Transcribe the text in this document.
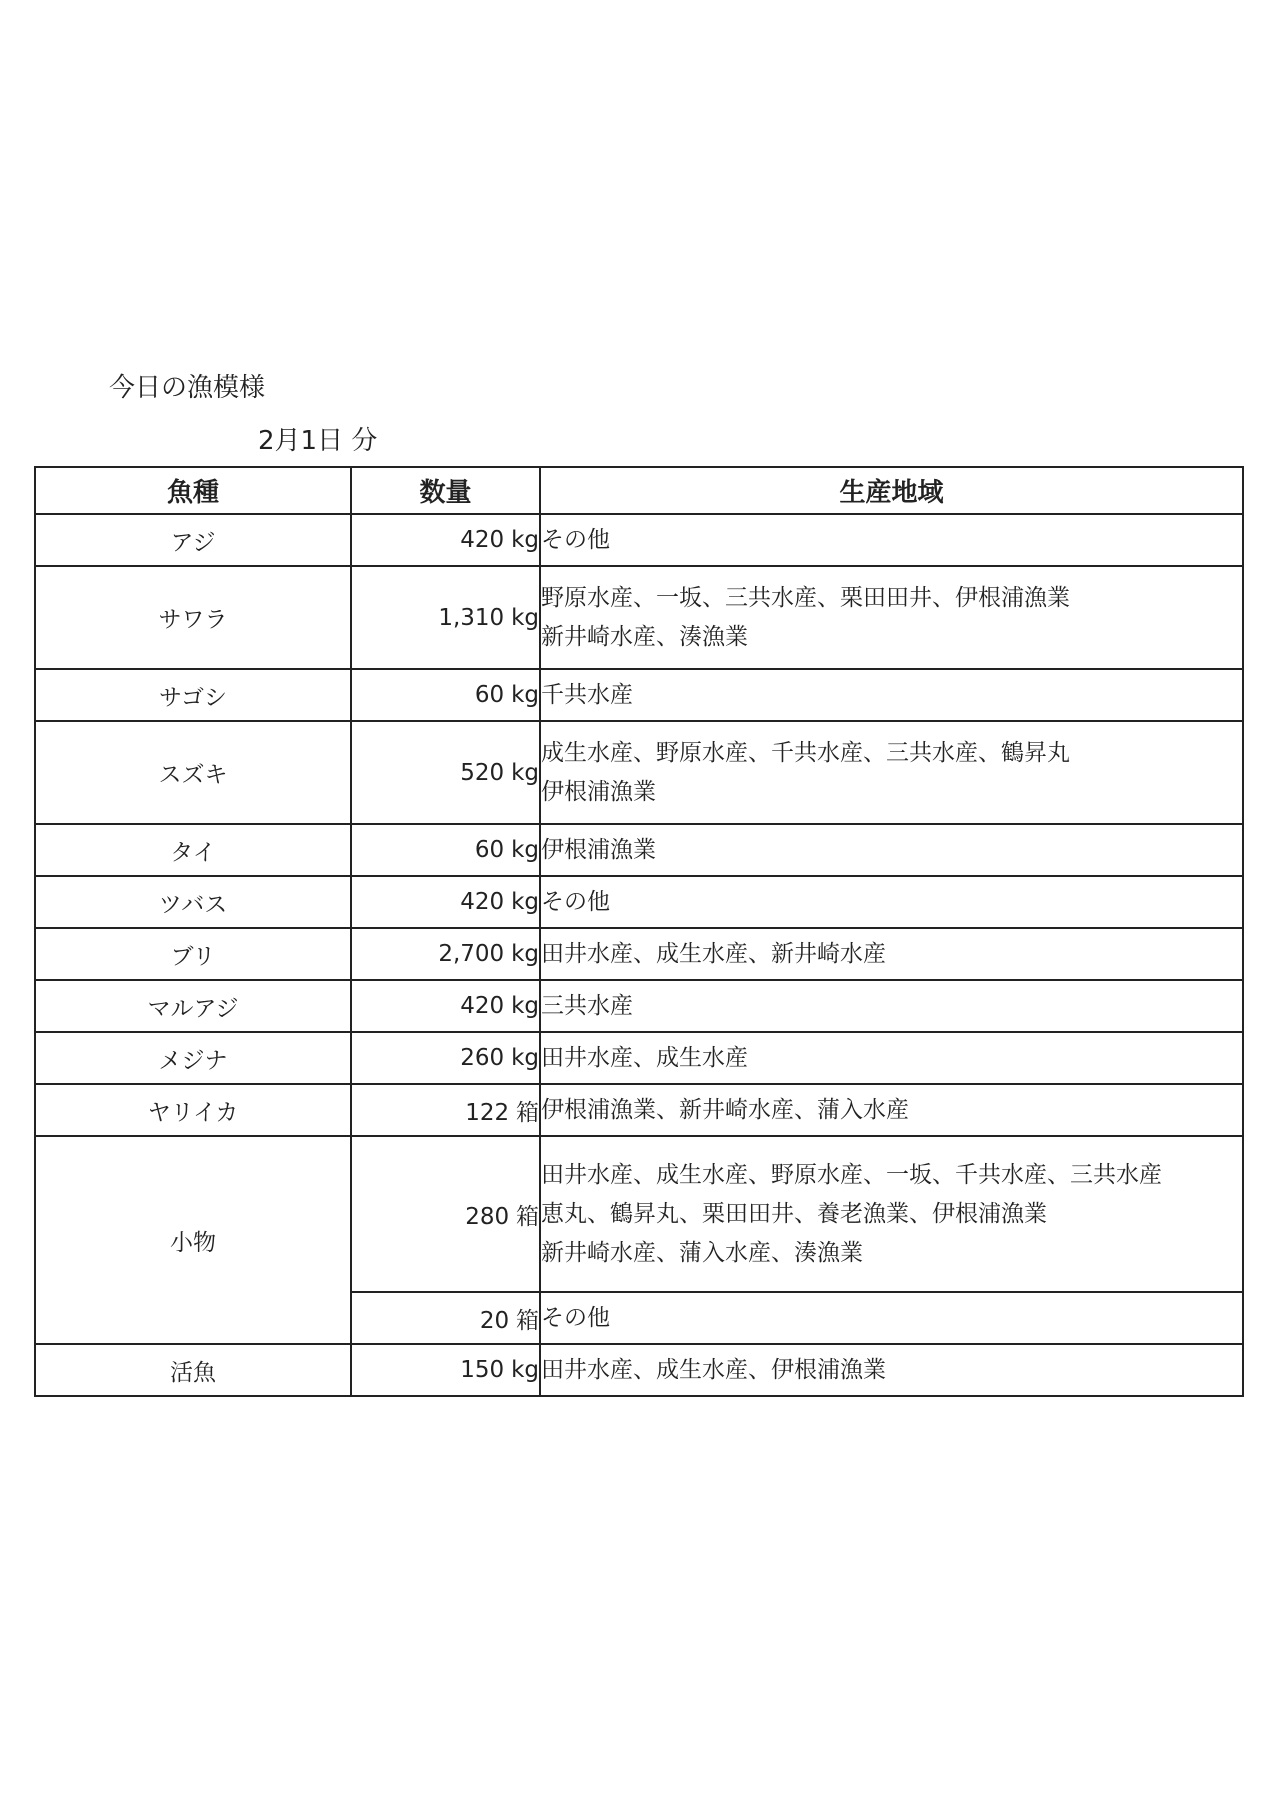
今日の漁模様
2月1日 分
魚種	数量	生産地域
アジ	420 kg	その他

サワラ	1,310 kg	野原水産、一坂、三共水産、栗田田井、伊根浦漁業
新井崎水産、湊漁業

サゴシ	60 kg	千共水産

スズキ	520 kg	成生水産、野原水産、千共水産、三共水産、鶴昇丸
伊根浦漁業

タイ	60 kg	伊根浦漁業

ツバス	420 kg	その他

ブリ	2,700 kg	田井水産、成生水産、新井崎水産

マルアジ	420 kg	三共水産

メジナ	260 kg	田井水産、成生水産

ヤリイカ	122 箱	伊根浦漁業、新井崎水産、蒲入水産

小物	280 箱	田井水産、成生水産、野原水産、一坂、千共水産、三共水産
恵丸、鶴昇丸、栗田田井、養老漁業、伊根浦漁業
新井崎水産、蒲入水産、湊漁業

	20 箱	その他

活魚	150 kg	田井水産、成生水産、伊根浦漁業
